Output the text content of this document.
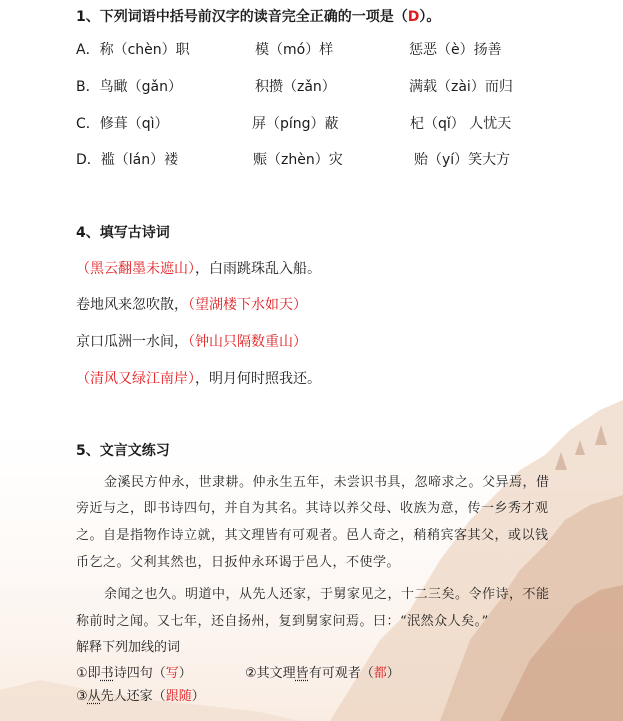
1、下列词语中括号前汉字的读音完全正确的一项是（D）。
A．称（chèn）职	模（mó）样	惩恶（è）扬善
B．鸟瞰（gǎn）	积攒（zǎn）	满载（zài）而归
C．修葺（qì）	屏（píng）蔽	杞（qǐ） 人忧天
D．褴（lán）褛	赈（zhèn）灾	贻（yí）笑大方
4、填写古诗词
（黑云翻墨未遮山），白雨跳珠乱入船。
卷地风来忽吹散，（望湖楼下水如天）
京口瓜洲一水间，（钟山只隔数重山）
（清风又绿江南岸），明月何时照我还。
5、文言文练习
金溪民方仲永，世隶耕。仲永生五年，未尝识书具，忽啼求之。父异焉，借
旁近与之，即书诗四句，并自为其名。其诗以养父母、收族为意，传一乡秀才观
之。自是指物作诗立就，其文理皆有可观者。邑人奇之，稍稍宾客其父，或以钱
币乞之。父利其然也，日扳仲永环谒于邑人，不使学。
余闻之也久。明道中，从先人还家，于舅家见之，十二三矣。令作诗，不能
称前时之闻。又七年，还自扬州，复到舅家问焉。曰：“泯然众人矣。”
解释下列加线的词
①即书诗四句（写）	②其文理皆有可观者（都）
③从先人还家（跟随）
